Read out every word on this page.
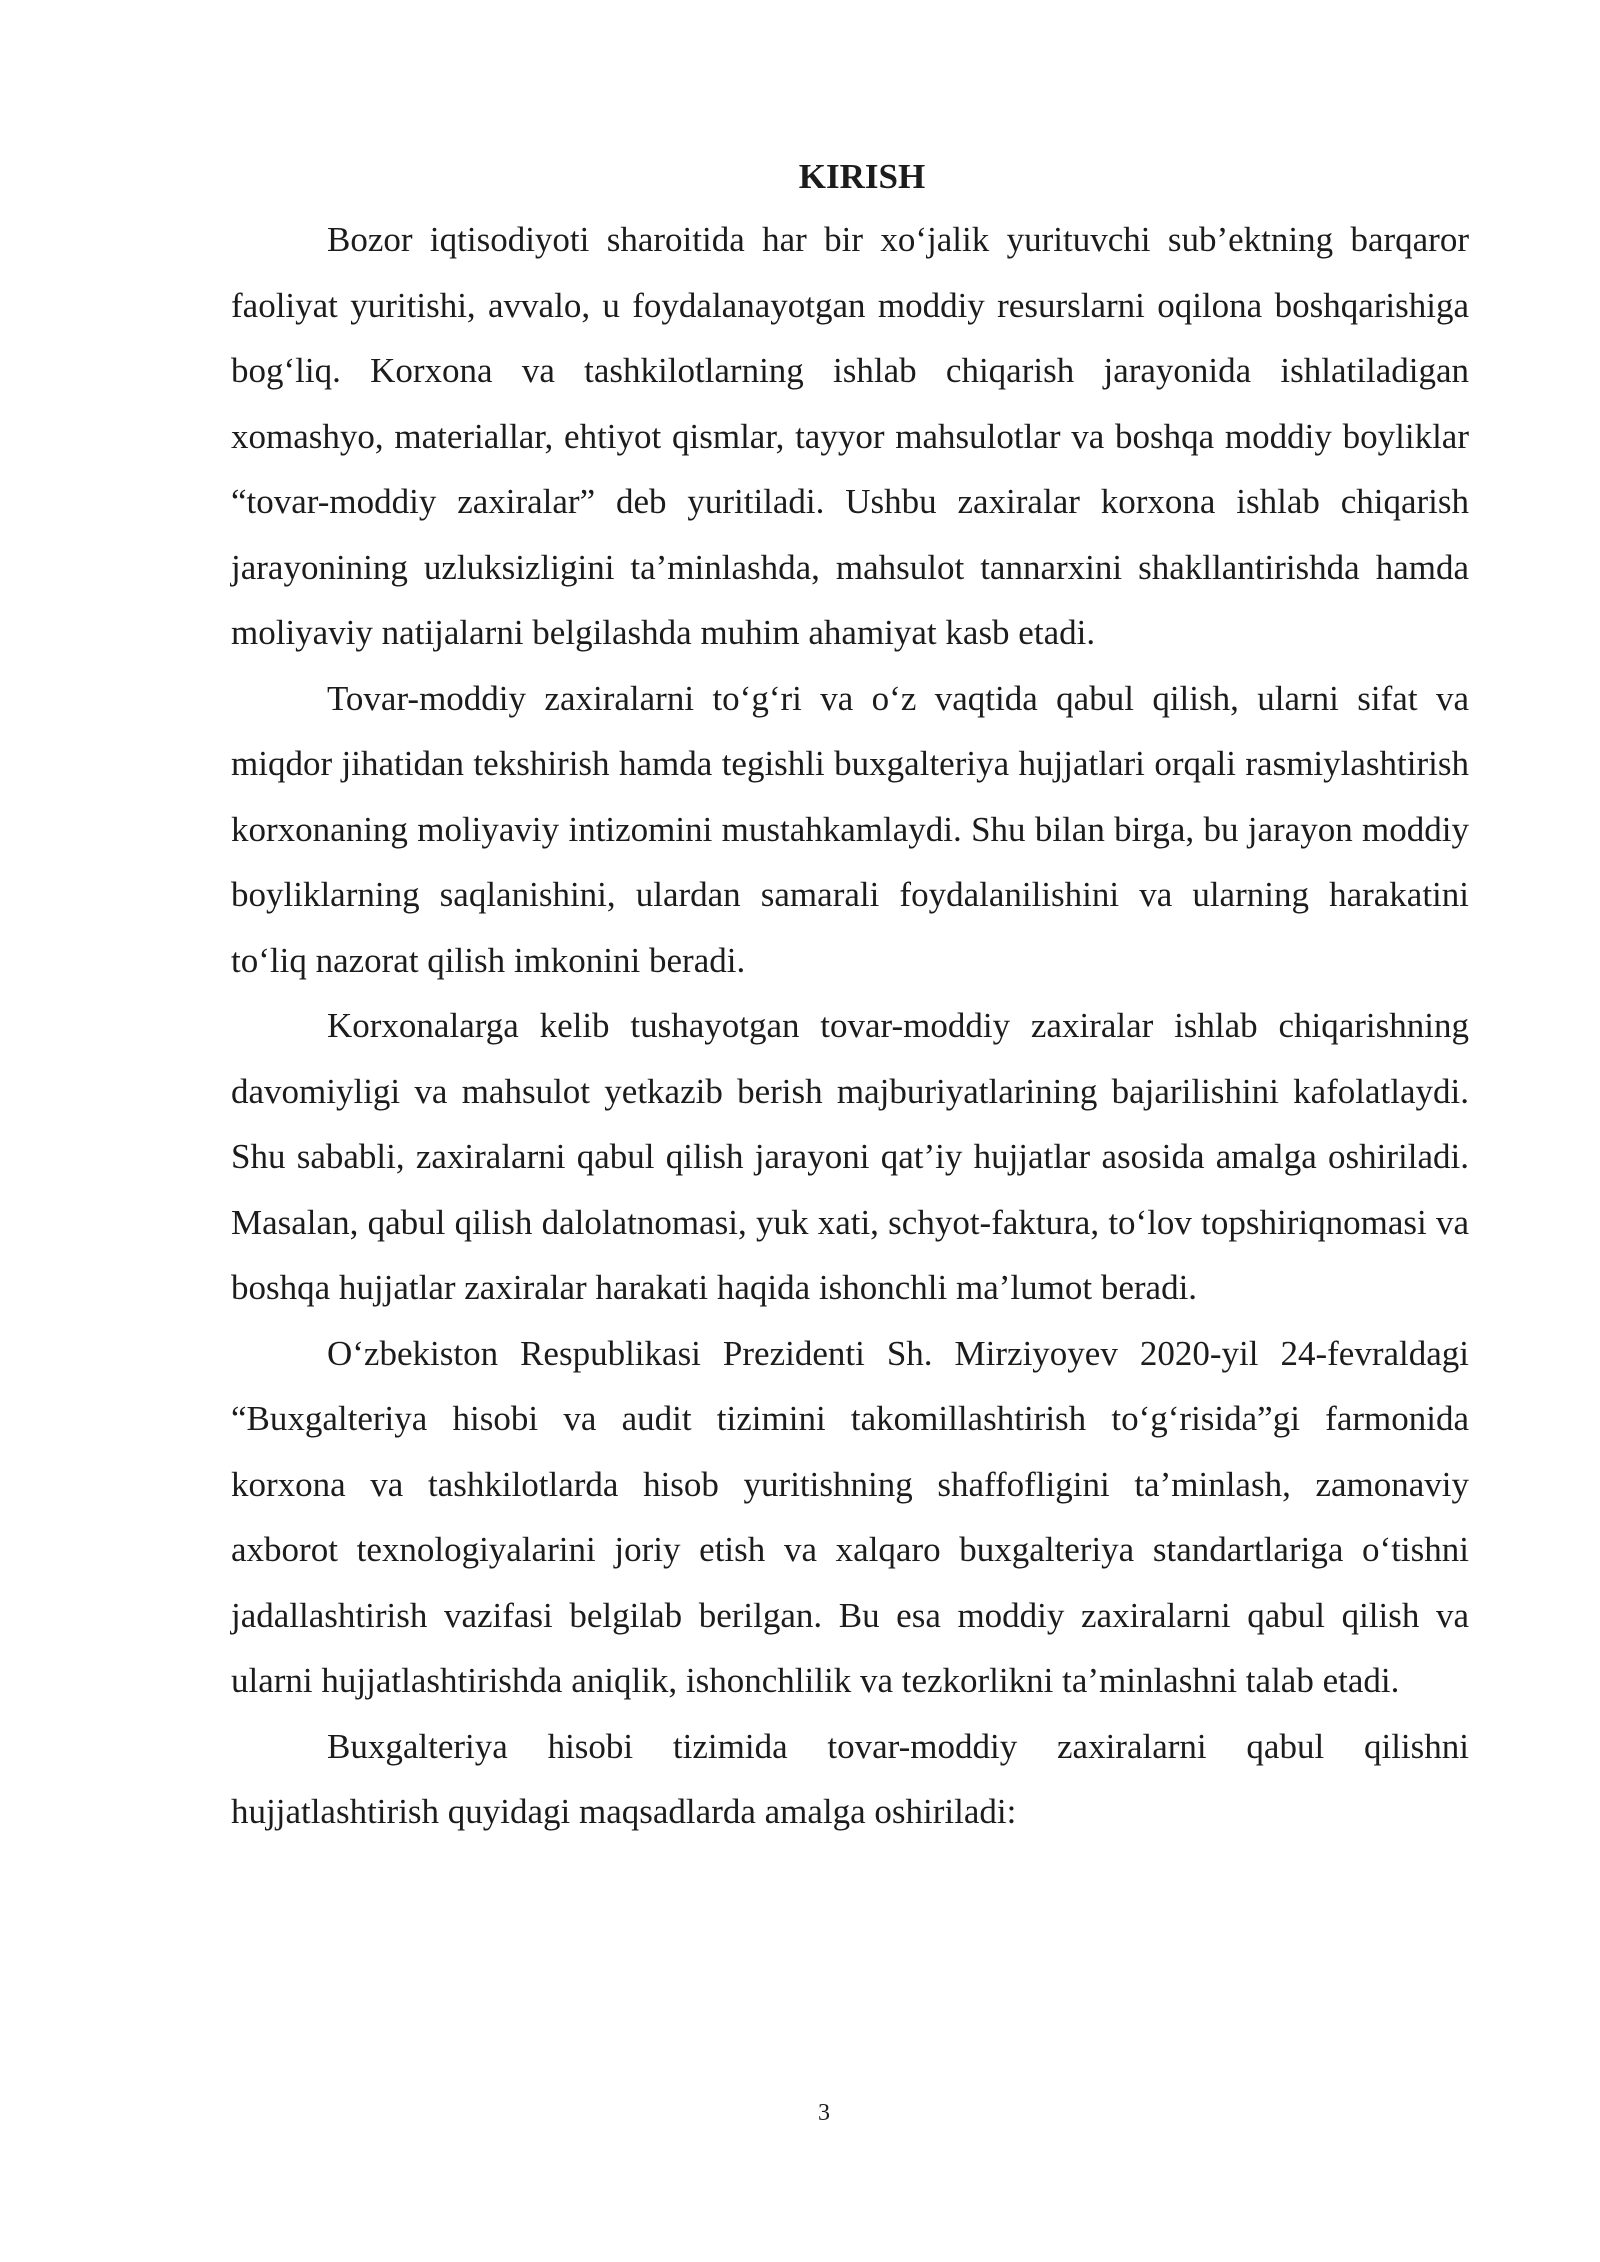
KIRISH

Bozor iqtisodiyoti sharoitida har bir xo‘jalik yurituvchi sub’ektning barqaror faoliyat yuritishi, avvalo, u foydalanayotgan moddiy resurslarni oqilona boshqarishiga bog‘liq. Korxona va tashkilotlarning ishlab chiqarish jarayonida ishlatiladigan xomashyo, materiallar, ehtiyot qismlar, tayyor mahsulotlar va boshqa moddiy boyliklar “tovar-moddiy zaxiralar” deb yuritiladi. Ushbu zaxiralar korxona ishlab chiqarish jarayonining uzluksizligini ta’minlashda, mahsulot tannarxini shakllantirishda hamda moliyaviy natijalarni belgilashda muhim ahamiyat kasb etadi.

Tovar-moddiy zaxiralarni to‘g‘ri va o‘z vaqtida qabul qilish, ularni sifat va miqdor jihatidan tekshirish hamda tegishli buxgalteriya hujjatlari orqali rasmiylashtirish korxonaning moliyaviy intizomini mustahkamlaydi. Shu bilan birga, bu jarayon moddiy boyliklarning saqlanishini, ulardan samarali foydalanilishini va ularning harakatini to‘liq nazorat qilish imkonini beradi.

Korxonalarga kelib tushayotgan tovar-moddiy zaxiralar ishlab chiqarishning davomiyligi va mahsulot yetkazib berish majburiyatlarining bajarilishini kafolatlaydi. Shu sababli, zaxiralarni qabul qilish jarayoni qat’iy hujjatlar asosida amalga oshiriladi. Masalan, qabul qilish dalolatnomasi, yuk xati, schyot-faktura, to‘lov topshiriqnomasi va boshqa hujjatlar zaxiralar harakati haqida ishonchli ma’lumot beradi.

O‘zbekiston Respublikasi Prezidenti Sh. Mirziyoyev 2020-yil 24-fevraldagi “Buxgalteriya hisobi va audit tizimini takomillashtirish to‘g‘risida”gi farmonida korxona va tashkilotlarda hisob yuritishning shaffofligini ta’minlash, zamonaviy axborot texnologiyalarini joriy etish va xalqaro buxgalteriya standartlariga o‘tishni jadallashtirish vazifasi belgilab berilgan. Bu esa moddiy zaxiralarni qabul qilish va ularni hujjatlashtirishda aniqlik, ishonchlilik va tezkorlikni ta’minlashni talab etadi.

Buxgalteriya hisobi tizimida tovar-moddiy zaxiralarni qabul qilishni hujjatlashtirish quyidagi maqsadlarda amalga oshiriladi:

3
